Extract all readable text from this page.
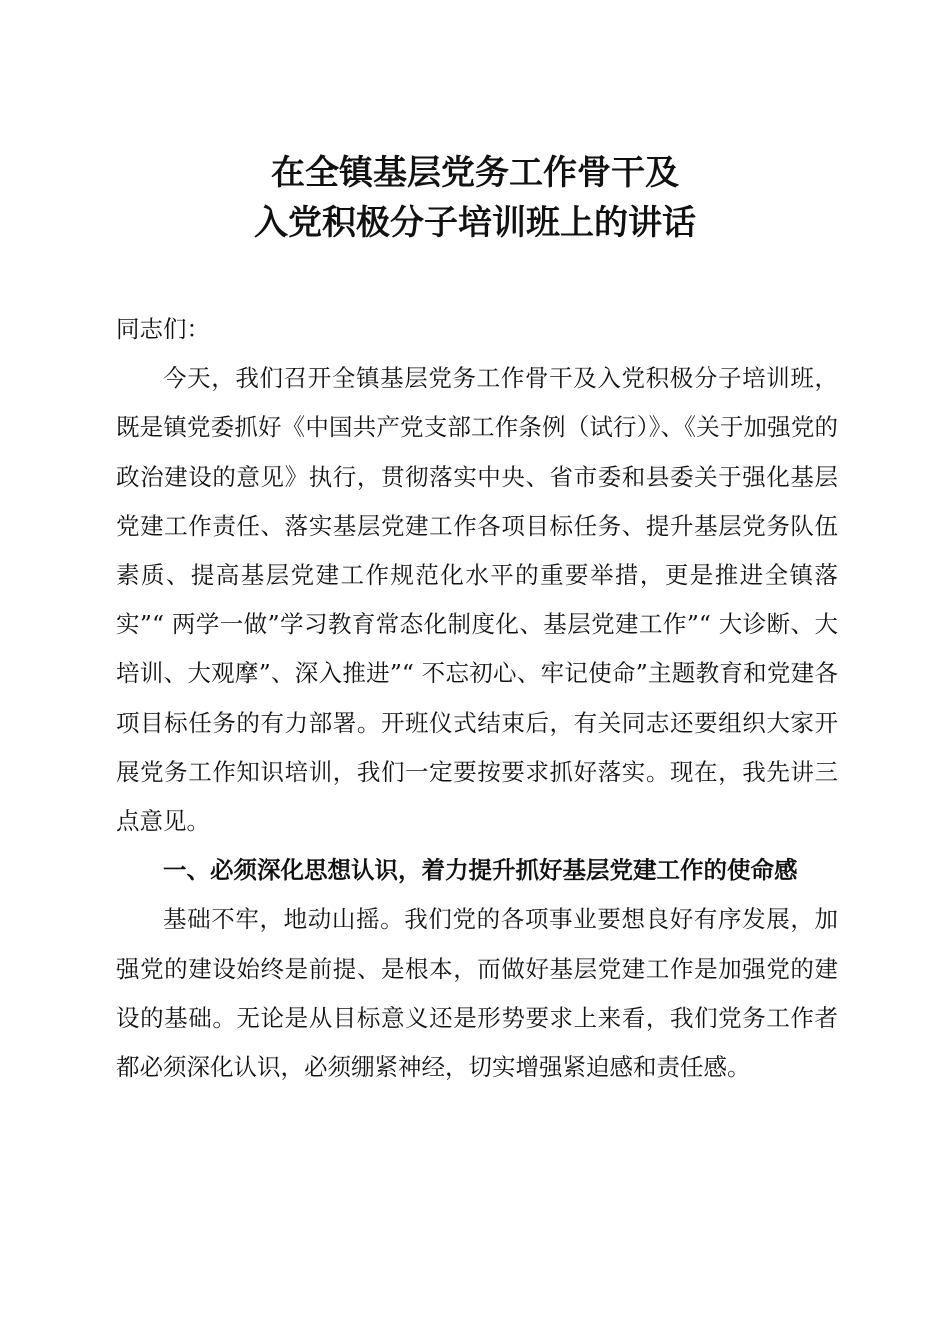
在全镇基层党务工作骨干及
入党积极分子培训班上的讲话

同志们：

今天，我们召开全镇基层党务工作骨干及入党积极分子培训班，既是镇党委抓好《中国共产党支部工作条例（试行）》、《关于加强党的政治建设的意见》执行，贯彻落实中央、省市委和县委关于强化基层党建工作责任、落实基层党建工作各项目标任务、提升基层党务队伍素质、提高基层党建工作规范化水平的重要举措，更是推进全镇落实”“ 两学一做”学习教育常态化制度化、基层党建工作”“ 大诊断、大培训、大观摩”、深入推进”“ 不忘初心、牢记使命”主题教育和党建各项目标任务的有力部署。开班仪式结束后，有关同志还要组织大家开展党务工作知识培训，我们一定要按要求抓好落实。现在，我先讲三点意见。

一、必须深化思想认识，着力提升抓好基层党建工作的使命感

基础不牢，地动山摇。我们党的各项事业要想良好有序发展，加强党的建设始终是前提、是根本，而做好基层党建工作是加强党的建设的基础。无论是从目标意义还是形势要求上来看，我们党务工作者都必须深化认识，必须绷紧神经，切实增强紧迫感和责任感。
